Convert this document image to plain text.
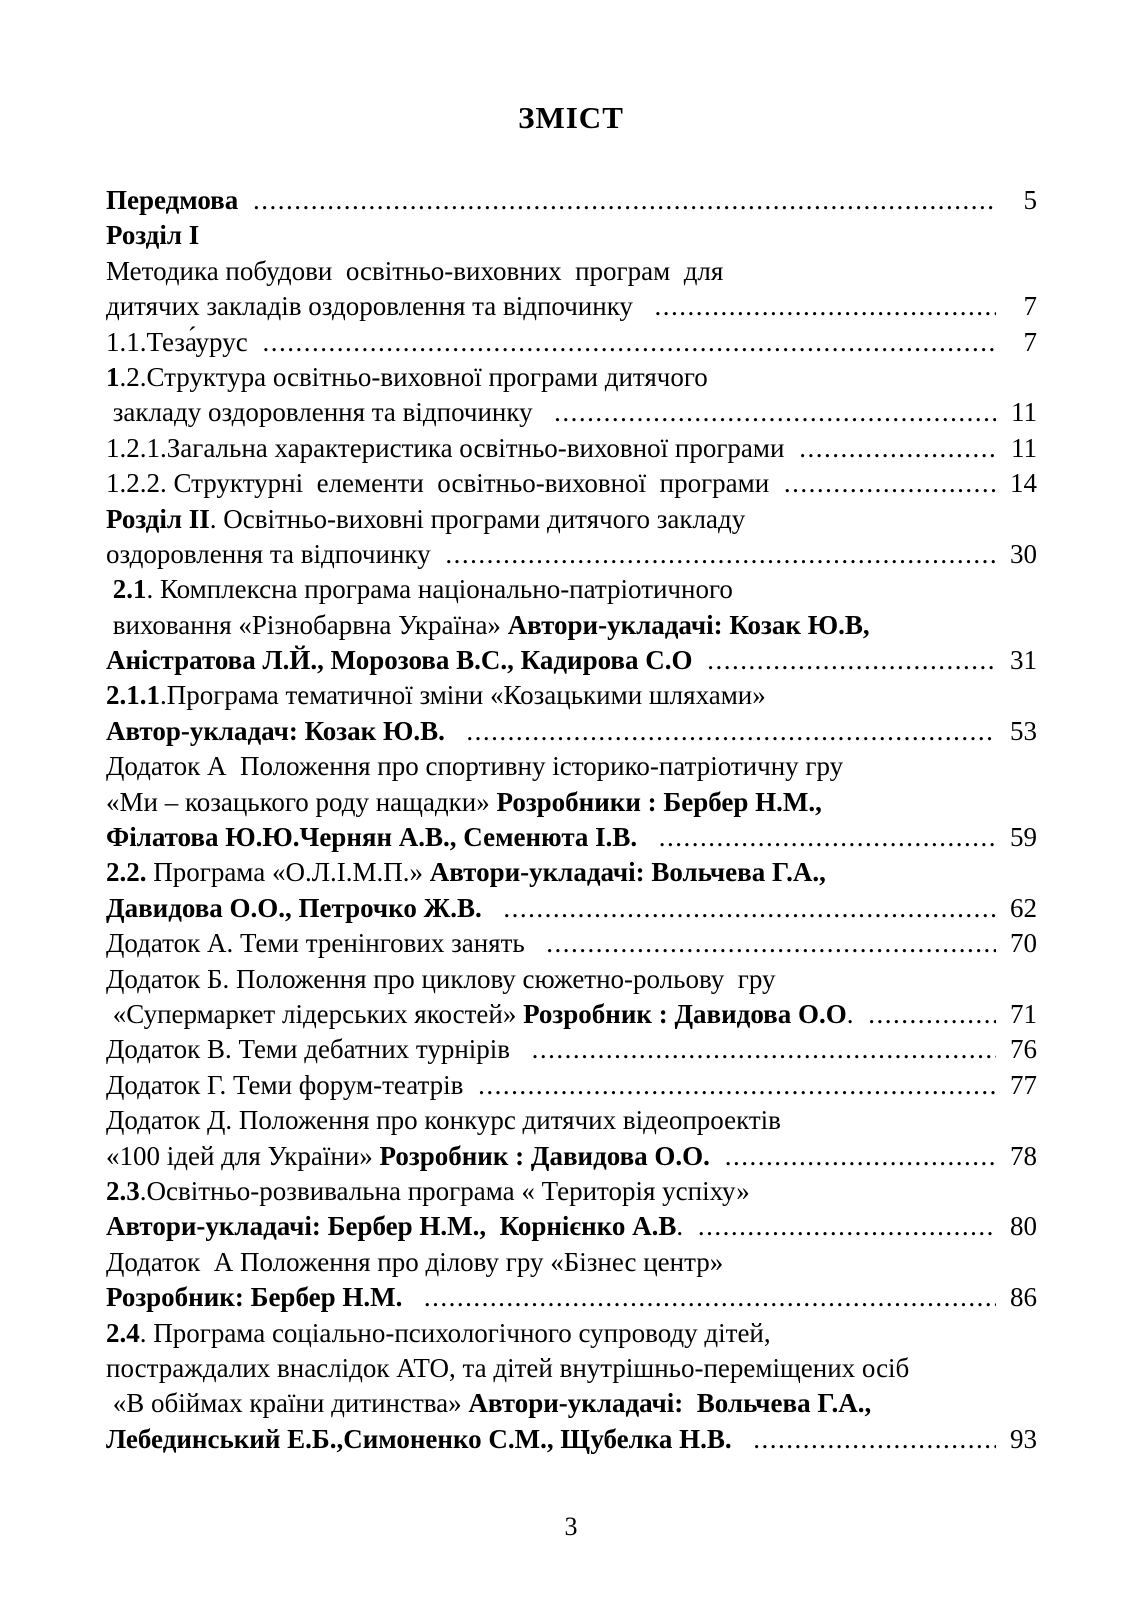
ЗМІСТ
Передмова .....	5
Розділ I
Методика побудови  освітньо-виховних  програм  для
дитячих закладів оздоровлення та відпочинку .....	7
1.1.Теза́урус .....	7
1.2.Структура освітньо-виховної програми дитячого
закладу оздоровлення та відпочинку .....	11
1.2.1.Загальна характеристика освітньо-виховної програми .....	11
1.2.2. Структурні  елементи  освітньо-виховної  програми .....	14
Розділ II. Освітньо-виховні програми дитячого закладу
оздоровлення та відпочинку .....	30
2.1. Комплексна програма національно-патріотичного
виховання «Різнобарвна Україна» Автори-укладачі: Козак Ю.В,
Аністратова Л.Й., Морозова В.С., Кадирова С.О .....	31
2.1.1.Програма тематичної зміни «Козацькими шляхами»
Автор-укладач: Козак Ю.В. .....	53
Додаток А  Положення про спортивну історико-патріотичну гру
«Ми – козацького роду нащадки» Розробники : Бербер Н.М.,
Філатова Ю.Ю.Чернян А.В., Семенюта І.В. .....	59
2.2. Програма «О.Л.І.М.П.» Автори-укладачі: Вольчева Г.А.,
Давидова О.О., Петрочко Ж.В. .....	62
Додаток А. Теми тренінгових занять .....	70
Додаток Б. Положення про циклову сюжетно-рольову  гру
«Супермаркет лідерських якостей» Розробник : Давидова О.О. .....	71
Додаток В. Теми дебатних турнірів .....	76
Додаток Г. Теми форум-театрів .....	77
Додаток Д. Положення про конкурс дитячих відеопроектів
«100 ідей для України» Розробник : Давидова О.О. .....	78
2.3.Освітньо-розвивальна програма « Територія успіху»
Автори-укладачі: Бербер Н.М.,  Корнієнко А.В. .....	80
Додаток  А Положення про ділову гру «Бізнес центр»
Розробник: Бербер Н.М. .....	86
2.4. Програма соціально-психологічного супроводу дітей,
постраждалих внаслідок АТО, та дітей внутрішньо-переміщених осіб
«В обіймах країни дитинства» Автори-укладачі:  Вольчева Г.А.,
Лебединський Е.Б.,Симоненко С.М., Щубелка Н.В. .....	93
3
